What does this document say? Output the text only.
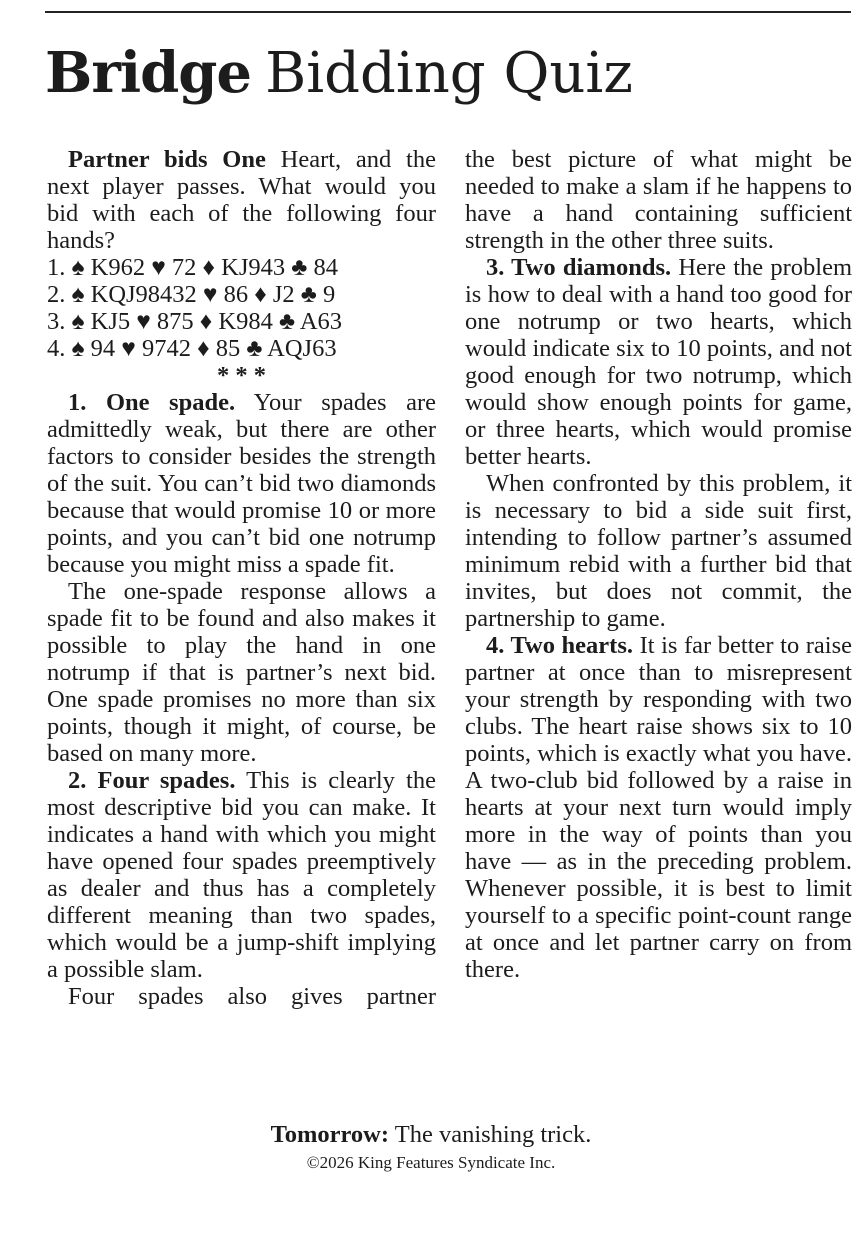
Bridge Bidding Quiz

Partner bids One Heart, and the next player passes. What would you bid with each of the following four hands?

1. ♠ K962 ♥ 72 ♦ KJ943 ♣ 84
2. ♠ KQJ98432 ♥ 86 ♦ J2 ♣ 9
3. ♠ KJ5 ♥ 875 ♦ K984 ♣ A63
4. ♠ 94 ♥ 9742 ♦ 85 ♣ AQJ63

* * *

1. One spade. Your spades are admittedly weak, but there are other factors to consider besides the strength of the suit. You can’t bid two diamonds because that would promise 10 or more points, and you can’t bid one notrump because you might miss a spade fit.

The one-spade response allows a spade fit to be found and also makes it possible to play the hand in one notrump if that is partner’s next bid. One spade promises no more than six points, though it might, of course, be based on many more.

2. Four spades. This is clearly the most descriptive bid you can make. It indicates a hand with which you might have opened four spades preemptively as dealer and thus has a completely different meaning than two spades, which would be a jump-shift implying a possible slam.

Four spades also gives partner

the best picture of what might be needed to make a slam if he happens to have a hand containing sufficient strength in the other three suits.

3. Two diamonds. Here the problem is how to deal with a hand too good for one notrump or two hearts, which would indicate six to 10 points, and not good enough for two notrump, which would show enough points for game, or three hearts, which would promise better hearts.

When confronted by this problem, it is necessary to bid a side suit first, intending to follow partner’s assumed minimum rebid with a further bid that invites, but does not commit, the partnership to game.

4. Two hearts. It is far better to raise partner at once than to misrepresent your strength by responding with two clubs. The heart raise shows six to 10 points, which is exactly what you have. A two-club bid followed by a raise in hearts at your next turn would imply more in the way of points than you have — as in the preceding problem. Whenever possible, it is best to limit yourself to a specific point-count range at once and let partner carry on from there.

Tomorrow: The vanishing trick.
©2026 King Features Syndicate Inc.
